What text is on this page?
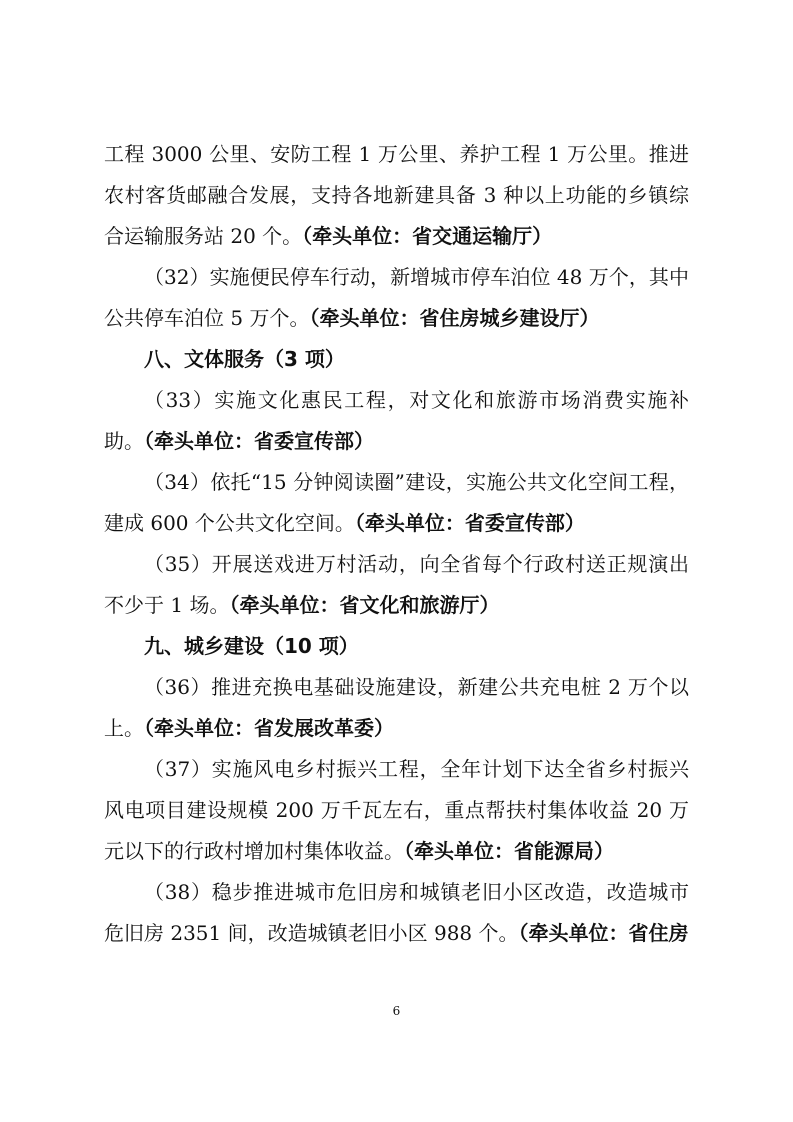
工程 3000 公里、安防工程 1 万公里、养护工程 1 万公里。推进农村客货邮融合发展，支持各地新建具备 3 种以上功能的乡镇综合运输服务站 20 个。（牵头单位：省交通运输厅）

（32）实施便民停车行动，新增城市停车泊位 48 万个，其中公共停车泊位 5 万个。（牵头单位：省住房城乡建设厅）

八、文体服务（3 项）

（33）实施文化惠民工程，对文化和旅游市场消费实施补助。（牵头单位：省委宣传部）

（34）依托“15 分钟阅读圈”建设，实施公共文化空间工程，建成 600 个公共文化空间。（牵头单位：省委宣传部）

（35）开展送戏进万村活动，向全省每个行政村送正规演出不少于 1 场。（牵头单位：省文化和旅游厅）

九、城乡建设（10 项）

（36）推进充换电基础设施建设，新建公共充电桩 2 万个以上。（牵头单位：省发展改革委）

（37）实施风电乡村振兴工程，全年计划下达全省乡村振兴风电项目建设规模 200 万千瓦左右，重点帮扶村集体收益 20 万元以下的行政村增加村集体收益。（牵头单位：省能源局）

（38）稳步推进城市危旧房和城镇老旧小区改造，改造城市危旧房 2351 间，改造城镇老旧小区 988 个。（牵头单位：省住房

6
